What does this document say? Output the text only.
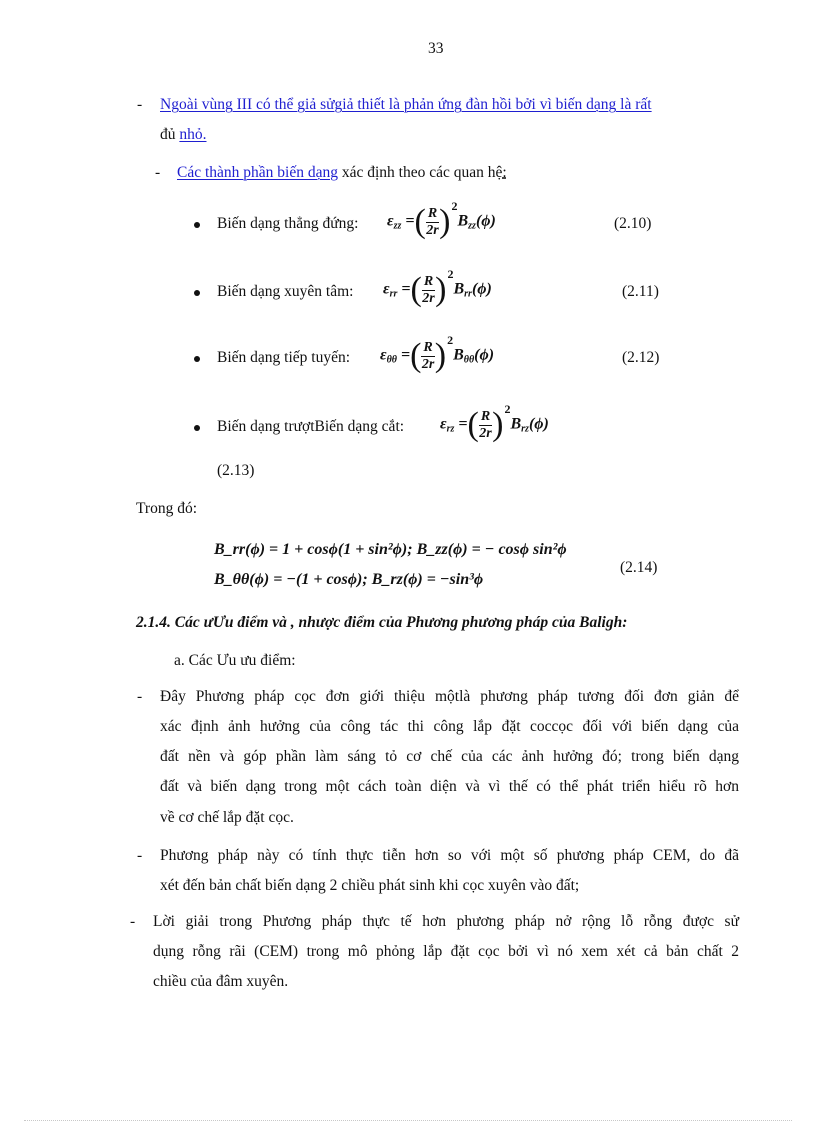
33
- Ngoài vùng III có thể giả sửgiả thiết là phản ứng đàn hồi bởi vì biến dạng là rất
đủ nhỏ.
- Các thành phần biến dạng xác định theo các quan hệ:
Biến dạng thẳng đứng: $\varepsilon_{zz}$ =( $\frac{R}{2r} )^2B_{zz}(\phi)$	(2.10)
Biến dạng xuyên tâm: $\varepsilon_{rr}$ =( $\frac{R}{2r} )^2B_{rr}(\phi)$	(2.11)
Biến dạng tiếp tuyến: $\varepsilon_{\theta\theta}$ =( $\frac{R}{2r} )^2B_{\theta\theta}(\phi)$	(2.12)
Biến dạng trượtBiến dạng cắt: $\varepsilon_{rz}$ =( $\frac{R}{2r} )^2B_{rz}(\phi)$
(2.13)
Trong đó:
B_rr(ϕ) = 1 + cosϕ(1 + sin²ϕ); B_zz(ϕ) = − cosϕ sin²ϕ
B_θθ(ϕ) = −(1 + cosϕ); B_rz(ϕ) = −sin³ϕ
(2.14)
2.1.4. Các ưƯu điểm và , nhược điểm của Phương phương pháp của Baligh:
a. Các Ưu ưu điểm:
- Đây Phương pháp cọc đơn giới thiệu mộtlà phương pháp tương đối đơn giản để
xác định ảnh hưởng của công tác thi công lắp đặt coccọc đối với biến dạng của
đất nền và góp phần làm sáng tỏ cơ chế của các ảnh hưởng đó; trong biến dạng
đất và biến dạng trong một cách toàn diện và vì thế có thể phát triển hiểu rõ hơn
về cơ chế lắp đặt cọc.
- Phương pháp này có tính thực tiễn hơn so với một số phương pháp CEM, do đã
xét đến bản chất biến dạng 2 chiều phát sinh khi cọc xuyên vào đất;
- Lời giải trong Phương pháp thực tế hơn phương pháp nở rộng lỗ rỗng được sử
dụng rỗng rãi (CEM) trong mô phỏng lắp đặt cọc bởi vì nó xem xét cả bản chất 2
chiều của đâm xuyên.
